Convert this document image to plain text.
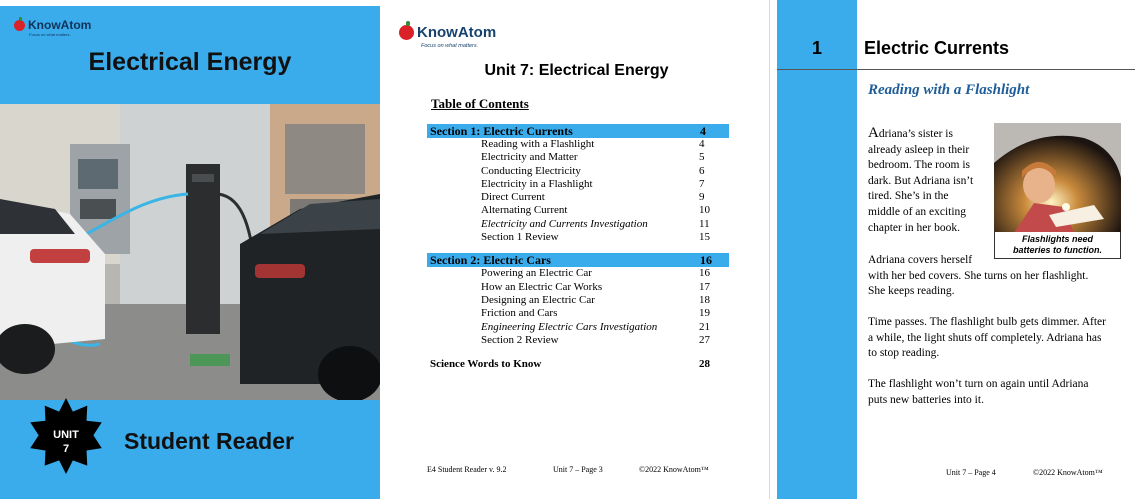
KnowAtom
Focus on what matters.
Electrical Energy
UNIT
7	Student Reader
KnowAtom
Focus on what matters.
Unit 7: Electrical Energy
Table of Contents
Section 1: Electric Currents	4
Reading with a Flashlight	4
Electricity and Matter	5
Conducting Electricity	6
Electricity in a Flashlight	7
Direct Current	9
Alternating Current	10
Electricity and Currents Investigation	11
Section 1 Review	15
Section 2: Electric Cars	16
Powering an Electric Car	16
How an Electric Car Works	17
Designing an Electric Car	18
Friction and Cars	19
Engineering Electric Cars Investigation	21
Section 2 Review	27
Science Words to Know	28
E4 Student Reader v. 9.2	Unit 7 – Page 3	©2022 KnowAtom™
1	Electric Currents
Reading with a Flashlight
Adriana’s sister is
already asleep in their
bedroom. The room is
dark. But Adriana isn’t
tired. She’s in the
middle of an exciting
chapter in her book.
Flashlights need
batteries to function.
Adriana covers herself
with her bed covers. She turns on her flashlight.
She keeps reading.
Time passes. The flashlight bulb gets dimmer. After
a while, the light shuts off completely. Adriana has
to stop reading.
The flashlight won’t turn on again until Adriana
puts new batteries into it.
Unit 7 – Page 4	©2022 KnowAtom™
